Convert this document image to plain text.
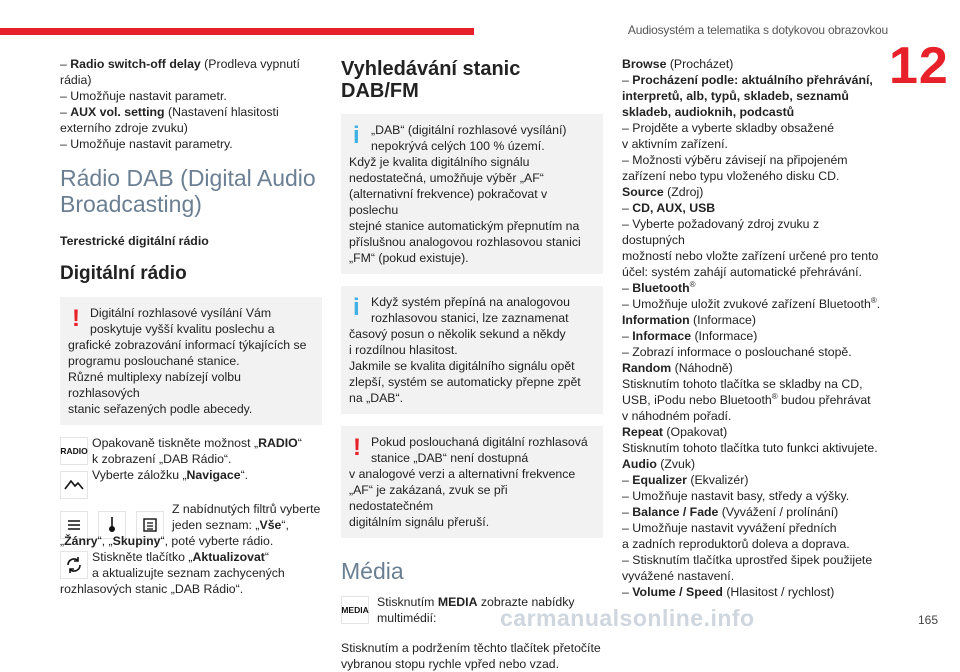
Audiosystém a telematika s dotykovou obrazovkou
12

– Radio switch-off delay (Prodleva vypnutí

rádia)

– Umožňuje nastavit parametr.

– AUX vol. setting (Nastavení hlasitosti

externího zdroje zvuku)

– Umožňuje nastavit parametry.

Rádio DAB (Digital Audio Broadcasting)

Terestrické digitální rádio

Digitální rádio
! Digitální rozhlasové vysílání Vám
poskytuje vyšší kvalitu poslechu a
grafické zobrazování informací týkajících se
programu poslouchané stanice.
Různé multiplexy nabízejí volbu rozhlasových
stanic seřazených podle abecedy.
RADIO

Opakovaně tiskněte možnost „RADIO“

k zobrazení „DAB Rádio“.

Vyberte záložku „Navigace“.

Z nabídnutých filtrů vyberte

jeden seznam: „Vše“,

„Žánry“, „Skupiny“, poté vyberte rádio.

Stiskněte tlačítko „Aktualizovat“

a aktualizujte seznam zachycených

rozhlasových stanic „DAB Rádio“.

Vyhledávání stanic DAB/FM
i „DAB“ (digitální rozhlasové vysílání)
nepokrývá celých 100 % území.
Když je kvalita digitálního signálu
nedostatečná, umožňuje výběr „AF“
(alternativní frekvence) pokračovat v poslechu
stejné stanice automatickým přepnutím na
příslušnou analogovou rozhlasovou stanici
„FM“ (pokud existuje).
i Když systém přepíná na analogovou
rozhlasovou stanici, lze zaznamenat
časový posun o několik sekund a někdy
i rozdílnou hlasitost.
Jakmile se kvalita digitálního signálu opět
zlepší, systém se automaticky přepne zpět
na „DAB“.
! Pokud poslouchaná digitální rozhlasová
stanice „DAB“ není dostupná
v analogové verzi a alternativní frekvence
„AF“ je zakázaná, zvuk se při nedostatečném
digitálním signálu přeruší.
Média
MEDIA

Stisknutím MEDIA zobrazte nabídky

multimédií:

Stisknutím a podržením těchto tlačítek přetočíte

vybranou stopu rychle vpřed nebo vzad.

Browse (Procházet)

– Procházení podle: aktuálního přehrávání,

interpretů, alb, typů, skladeb, seznamů

skladeb, audioknih, podcastů

– Projděte a vyberte skladby obsažené

v aktivním zařízení.

– Možnosti výběru závisejí na připojeném

zařízení nebo typu vloženého disku CD.

Source (Zdroj)

– CD, AUX, USB

– Vyberte požadovaný zdroj zvuku z dostupných

možností nebo vložte zařízení určené pro tento

účel: systém zahájí automatické přehrávání.

– Bluetooth®

– Umožňuje uložit zvukové zařízení Bluetooth®.

Information (Informace)

– Informace (Informace)

– Zobrazí informace o poslouchané stopě.

Random (Náhodně)

Stisknutím tohoto tlačítka se skladby na CD,

USB, iPodu nebo Bluetooth® budou přehrávat

v náhodném pořadí.

Repeat (Opakovat)

Stisknutím tohoto tlačítka tuto funkci aktivujete.

Audio (Zvuk)

– Equalizer (Ekvalizér)

– Umožňuje nastavit basy, středy a výšky.

– Balance / Fade (Vyvážení / prolínání)

– Umožňuje nastavit vyvážení předních

a zadních reproduktorů doleva a doprava.

– Stisknutím tlačítka uprostřed šipek použijete

vyvážené nastavení.

– Volume / Speed (Hlasitost / rychlost)

carmanualsonline.info	165
